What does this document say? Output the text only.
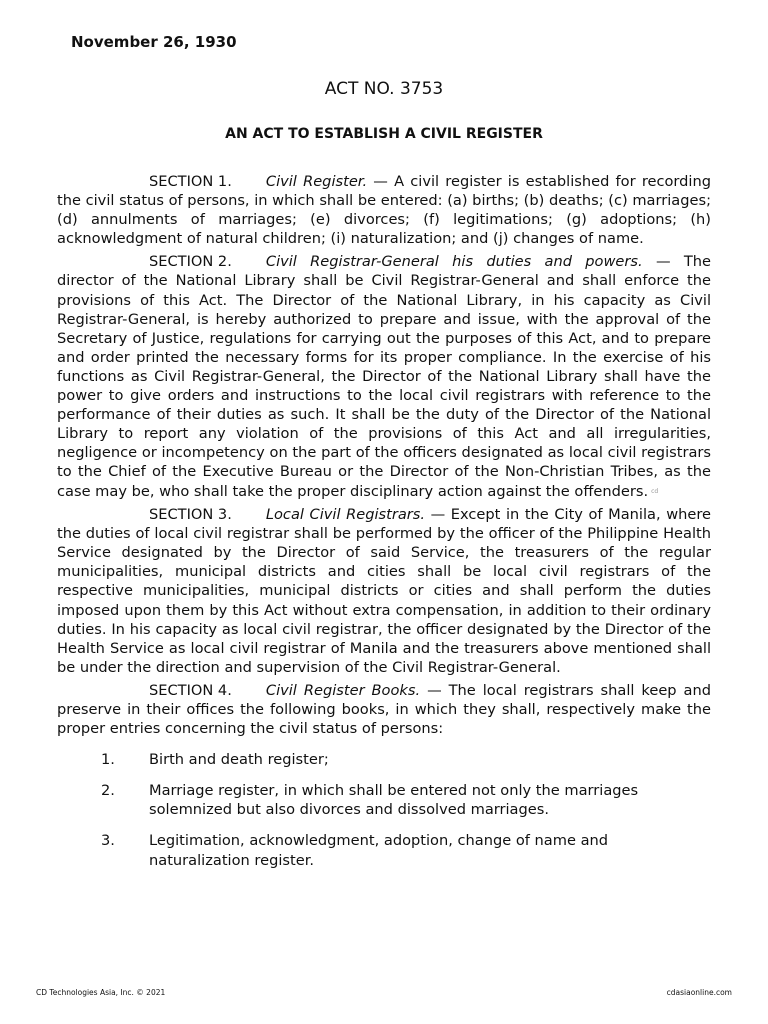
November 26, 1930

ACT NO. 3753
AN ACT TO ESTABLISH A CIVIL REGISTER

SECTION 1. Civil Register. — A civil register is established for recording the civil status of persons, in which shall be entered: (a) births; (b) deaths; (c) marriages; (d) annulments of marriages; (e) divorces; (f) legitimations; (g) adoptions; (h) acknowledgment of natural children; (i) naturalization; and (j) changes of name.

SECTION 2. Civil Registrar-General his duties and powers. — The director of the National Library shall be Civil Registrar-General and shall enforce the provisions of this Act. The Director of the National Library, in his capacity as Civil Registrar-General, is hereby authorized to prepare and issue, with the approval of the Secretary of Justice, regulations for carrying out the purposes of this Act, and to prepare and order printed the necessary forms for its proper compliance. In the exercise of his functions as Civil Registrar-General, the Director of the National Library shall have the power to give orders and instructions to the local civil registrars with reference to the performance of their duties as such. It shall be the duty of the Director of the National Library to report any violation of the provisions of this Act and all irregularities, negligence or incompetency on the part of the officers designated as local civil registrars to the Chief of the Executive Bureau or the Director of the Non-Christian Tribes, as the case may be, who shall take the proper disciplinary action against the offenders. cd

SECTION 3. Local Civil Registrars. — Except in the City of Manila, where the duties of local civil registrar shall be performed by the officer of the Philippine Health Service designated by the Director of said Service, the treasurers of the regular municipalities, municipal districts and cities shall be local civil registrars of the respective municipalities, municipal districts or cities and shall perform the duties imposed upon them by this Act without extra compensation, in addition to their ordinary duties. In his capacity as local civil registrar, the officer designated by the Director of the Health Service as local civil registrar of Manila and the treasurers above mentioned shall be under the direction and supervision of the Civil Registrar-General.

SECTION 4. Civil Register Books. — The local registrars shall keep and preserve in their offices the following books, in which they shall, respectively make the proper entries concerning the civil status of persons:

1. Birth and death register;
2. Marriage register, in which shall be entered not only the marriages solemnized but also divorces and dissolved marriages.
3. Legitimation, acknowledgment, adoption, change of name and naturalization register.

CD Technologies Asia, Inc. © 2021	cdasiaonline.com
